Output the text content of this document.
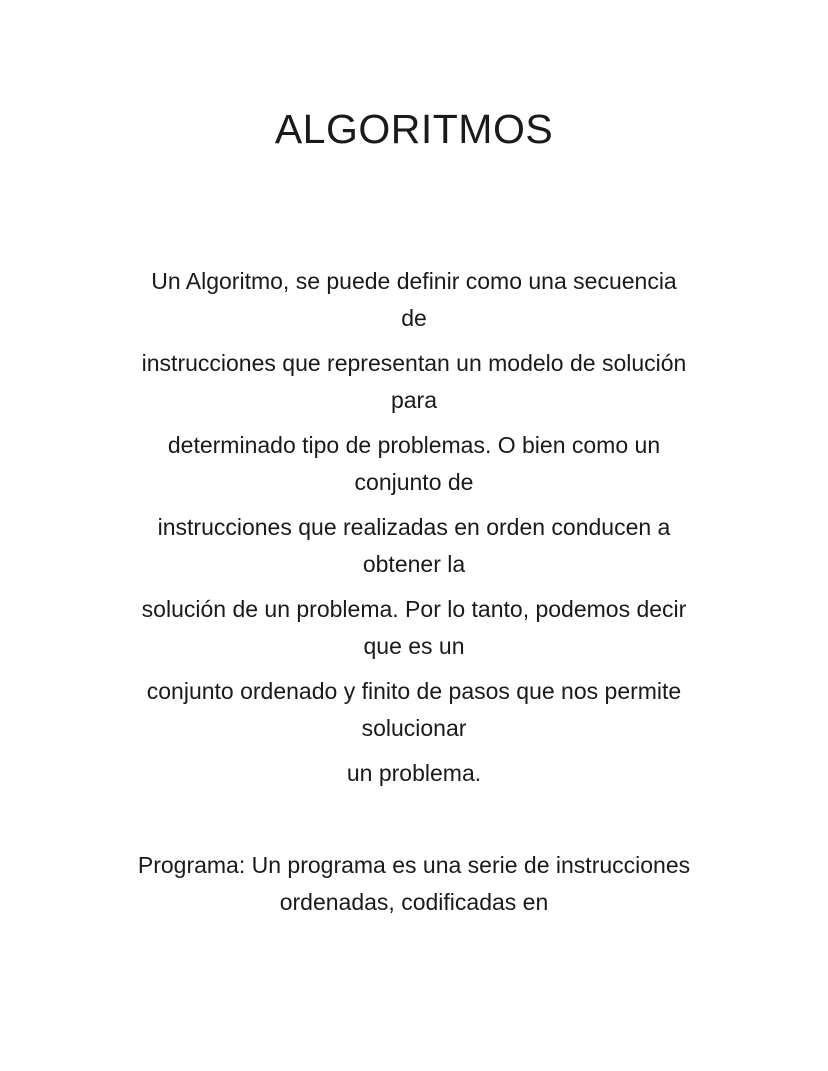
ALGORITMOS
Un Algoritmo, se puede definir como una secuencia
de
instrucciones que representan un modelo de solución
para
determinado tipo de problemas. O bien como un
conjunto de
instrucciones que realizadas en orden conducen a
obtener la
solución de un problema. Por lo tanto, podemos decir
que es un
conjunto ordenado y finito de pasos que nos permite
solucionar
un problema.
Programa: Un programa es una serie de instrucciones
ordenadas, codificadas en
